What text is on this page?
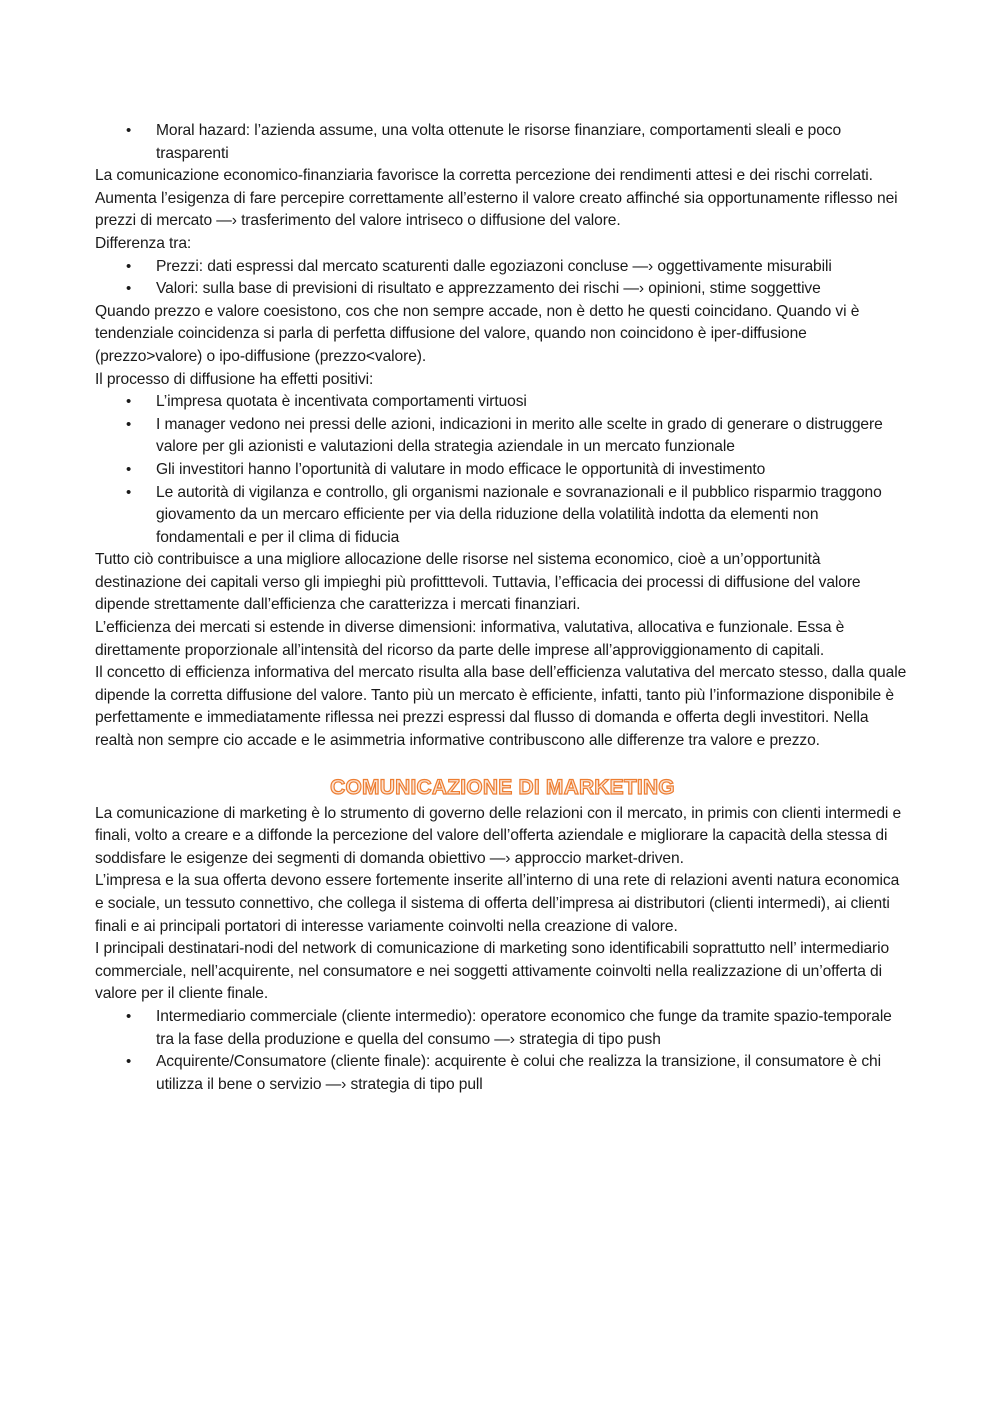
• Moral hazard: l’azienda assume, una volta ottenute le risorse finanziare, comportamenti sleali e poco trasparenti

La comunicazione economico-finanziaria favorisce la corretta percezione dei rendimenti attesi e dei rischi correlati.

Aumenta l’esigenza di fare percepire correttamente all’esterno il valore creato affinché sia opportunamente riflesso nei prezzi di mercato —› trasferimento del valore intriseco o diffusione del valore.

Differenza tra:

• Prezzi: dati espressi dal mercato scaturenti dalle egoziazoni concluse —› oggettivamente misurabili
• Valori: sulla base di previsioni di risultato e apprezzamento dei rischi —› opinioni, stime soggettive

Quando prezzo e valore coesistono, cos che non sempre accade, non è detto he questi coincidano. Quando vi è tendenziale coincidenza si parla di perfetta diffusione del valore, quando non coincidono è iper-diffusione (prezzo>valore) o ipo-diffusione (prezzo<valore).

Il processo di diffusione ha effetti positivi:

• L’impresa quotata è incentivata comportamenti virtuosi
• I manager vedono nei pressi delle azioni, indicazioni in merito alle scelte in grado di generare o distruggere valore per gli azionisti e valutazioni della strategia aziendale in un mercato funzionale
• Gli investitori hanno l’oportunità di valutare in modo efficace le opportunità di investimento
• Le autorità di vigilanza e controllo, gli organismi nazionale e sovranazionali e il pubblico risparmio traggono giovamento da un mercaro efficiente per via della riduzione della volatilità indotta da elementi non fondamentali e per il clima di fiducia

Tutto ciò contribuisce a una migliore allocazione delle risorse nel sistema economico, cioè a un’opportunità destinazione dei capitali verso gli impieghi più profitttevoli. Tuttavia, l’efficacia dei processi di diffusione del valore dipende strettamente dall’efficienza che caratterizza i mercati finanziari.

L’efficienza dei mercati si estende in diverse dimensioni: informativa, valutativa, allocativa e funzionale. Essa è direttamente proporzionale all’intensità del ricorso da parte delle imprese all’approviggionamento di capitali.

Il concetto di efficienza informativa del mercato risulta alla base dell’efficienza valutativa del mercato stesso, dalla quale dipende la corretta diffusione del valore. Tanto più un mercato è efficiente, infatti, tanto più l’informazione disponibile è perfettamente e immediatamente riflessa nei prezzi espressi dal flusso di domanda e offerta degli investitori. Nella realtà non sempre cio accade e le asimmetria informative contribuscono alle differenze tra valore e prezzo.

COMUNICAZIONE DI MARKETING

La comunicazione di marketing è lo strumento di governo delle relazioni con il mercato, in primis con clienti intermedi e finali, volto a creare e a diffonde la percezione del valore dell’offerta aziendale e migliorare la capacità della stessa di soddisfare le esigenze dei segmenti di domanda obiettivo —› approccio market-driven.

L’impresa e la sua offerta devono essere fortemente inserite all’interno di una rete di relazioni aventi natura economica e sociale, un tessuto connettivo, che collega il sistema di offerta dell’impresa ai distributori (clienti intermedi), ai clienti finali e ai principali portatori di interesse variamente coinvolti nella creazione di valore.

I principali destinatari-nodi del network di comunicazione di marketing sono identificabili soprattutto nell’ intermediario commerciale, nell’acquirente, nel consumatore e nei soggetti attivamente coinvolti nella realizzazione di un’offerta di valore per il cliente finale.

• Intermediario commerciale (cliente intermedio): operatore economico che funge da tramite spazio-temporale tra la fase della produzione e quella del consumo —› strategia di tipo push
• Acquirente/Consumatore (cliente finale): acquirente è colui che realizza la transizione, il consumatore è chi utilizza il bene o servizio —› strategia di tipo pull
